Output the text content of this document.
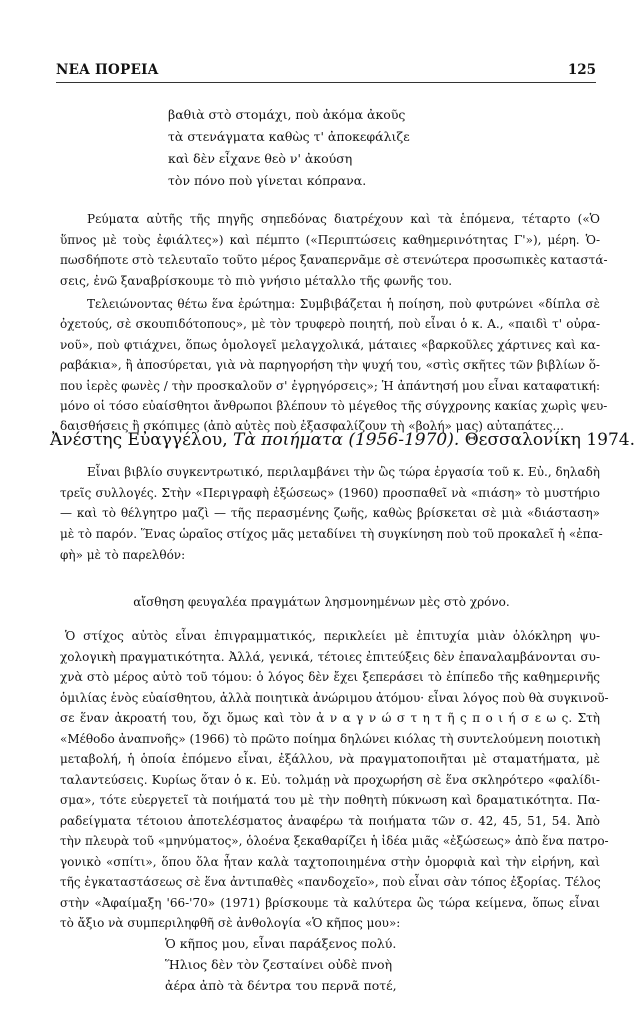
ΝΕΑ ΠΟΡΕΙΑ	125
βαθιὰ στὸ στομάχι, ποὺ ἀκόμα ἀκοῦς
τὰ στενάγματα καθὼς τ' ἀποκεφάλιζε
καὶ δὲν εἶχανε θεὸ ν' ἀκούση
τὸν πόνο ποὺ γίνεται κόπρανα.
Ρεύματα αὐτῆς τῆς πηγῆς σηπεδόνας διατρέχουν καὶ τὰ ἑπόμενα, τέταρτο («Ὁ
ὕπνος μὲ τοὺς ἐφιάλτες») καὶ πέμπτο («Περιπτώσεις καθημερινότητας Γ'»), μέρη. Ὁ-
πωσδήποτε στὸ τελευταῖο τοῦτο μέρος ξαναπερνᾶμε σὲ στενώτερα προσωπικὲς καταστά-
σεις, ἐνῶ ξαναβρίσκουμε τὸ πιὸ γνήσιο μέταλλο τῆς φωνῆς του.
Τελειώνοντας θέτω ἕνα ἐρώτημα: Συμβιβάζεται ἡ ποίηση, ποὺ φυτρώνει «δίπλα σὲ
ὀχετούς, σὲ σκουπιδότοπους», μὲ τὸν τρυφερὸ ποιητή, ποὺ εἶναι ὁ κ. Α., «παιδὶ τ' οὐρα-
νοῦ», ποὺ φτιάχνει, ὅπως ὁμολογεῖ μελαγχολικά, μάταιες «βαρκοῦλες χάρτινες καὶ κα-
ραβάκια», ἢ ἀποσύρεται, γιὰ νὰ παρηγορήση τὴν ψυχή του, «στὶς σκῆτες τῶν βιβλίων ὅ-
που ἱερὲς φωνὲς / τὴν προσκαλοῦν σ' ἐγρηγόρσεις»; Ἡ ἀπάντησή μου εἶναι καταφατική:
μόνο οἱ τόσο εὐαίσθητοι ἄνθρωποι βλέπουν τὸ μέγεθος τῆς σύγχρονης κακίας χωρὶς ψευ-
δαισθήσεις ἢ σκόπιμες (ἀπὸ αὐτὲς ποὺ ἐξασφαλίζουν τὴ «βολή» μας) αὐταπάτες...
Ἀνέστης Εὐαγγέλου, Τὰ ποιήματα (1956-1970). Θεσσαλονίκη 1974.
Εἶναι βιβλίο συγκεντρωτικό, περιλαμβάνει τὴν ὣς τώρα ἐργασία τοῦ κ. Εὐ., δηλαδὴ
τρεῖς συλλογές. Στὴν «Περιγραφὴ ἐξώσεως» (1960) προσπαθεῖ νὰ «πιάση» τὸ μυστήριο
— καὶ τὸ θέλγητρο μαζὶ — τῆς περασμένης ζωῆς, καθὼς βρίσκεται σὲ μιὰ «διάσταση»
μὲ τὸ παρόν. Ἕνας ὡραῖος στίχος μᾶς μεταδίνει τὴ συγκίνηση ποὺ τοῦ προκαλεῖ ἡ «ἐπα-
φὴ» μὲ τὸ παρελθόν:
αἴσθηση φευγαλέα πραγμάτων λησμονημένων μὲς στὸ χρόνο.
Ὁ στίχος αὐτὸς εἶναι ἐπιγραμματικός, περικλείει μὲ ἐπιτυχία μιὰν ὁλόκληρη ψυ-
χολογικὴ πραγματικότητα. Ἀλλά, γενικά, τέτοιες ἐπιτεύξεις δὲν ἐπαναλαμβάνονται συ-
χνὰ στὸ μέρος αὐτὸ τοῦ τόμου: ὁ λόγος δὲν ἔχει ξεπεράσει τὸ ἐπίπεδο τῆς καθημερινῆς
ὁμιλίας ἑνὸς εὐαίσθητου, ἀλλὰ ποιητικὰ ἀνώριμου ἀτόμου· εἶναι λόγος ποὺ θὰ συγκινοῦ-
σε ἕναν ἀκροατή του, ὄχι ὅμως καὶ τὸν ἀ ν α γ ν ώ σ τ η τ ῆ ς π ο ι ή σ ε ω ς. Στὴ
«Μέθοδο ἀναπνοῆς» (1966) τὸ πρῶτο ποίημα δηλώνει κιόλας τὴ συντελούμενη ποιοτικὴ
μεταβολή, ἡ ὁποία ἐπόμενο εἶναι, ἐξάλλου, νὰ πραγματοποιῆται μὲ σταματήματα, μὲ
ταλαντεύσεις. Κυρίως ὅταν ὁ κ. Εὐ. τολμάῃ νὰ προχωρήση σὲ ἕνα σκληρότερο «φαλίδι-
σμα», τότε εὐεργετεῖ τὰ ποιήματά του μὲ τὴν ποθητὴ πύκνωση καὶ δραματικότητα. Πα-
ραδείγματα τέτοιου ἀποτελέσματος ἀναφέρω τὰ ποιήματα τῶν σ. 42, 45, 51, 54. Ἀπὸ
τὴν πλευρὰ τοῦ «μηνύματος», ὁλοένα ξεκαθαρίζει ἡ ἰδέα μιᾶς «ἐξώσεως» ἀπὸ ἕνα πατρο-
γονικὸ «σπίτι», ὅπου ὅλα ἦταν καλὰ ταχτοποιημένα στὴν ὁμορφιὰ καὶ τὴν εἰρήνη, καὶ
τῆς ἐγκαταστάσεως σὲ ἕνα ἀντιπαθὲς «πανδοχεῖο», ποὺ εἶναι σὰν τόπος ἐξορίας. Τέλος
στὴν «Ἀφαίμαξη '66-'70» (1971) βρίσκουμε τὰ καλύτερα ὣς τώρα κείμενα, ὅπως εἶναι
τὸ ἄξιο νὰ συμπεριληφθῆ σὲ ἀνθολογία «Ὁ κῆπος μου»:
Ὁ κῆπος μου, εἶναι παράξενος πολύ.
Ἥλιος δὲν τὸν ζεσταίνει οὐδὲ πνοὴ
ἀέρα ἀπὸ τὰ δέντρα του περνᾶ ποτέ,
